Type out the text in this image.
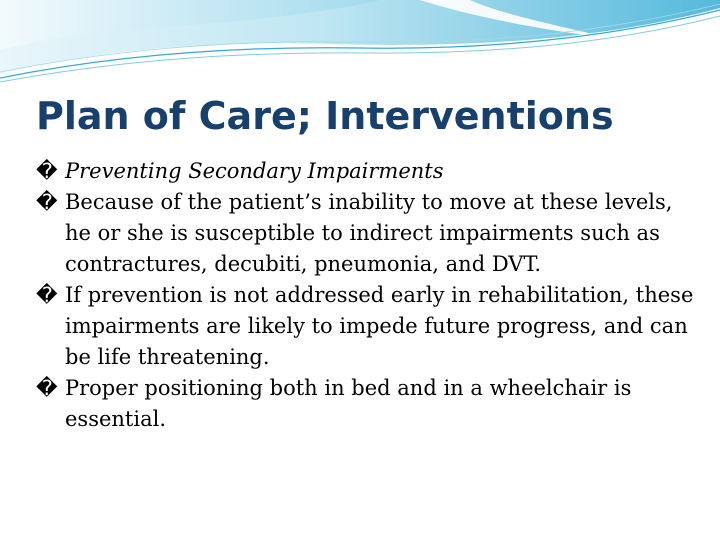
Plan of Care; Interventions
� Preventing Secondary Impairments
� Because of the patient’s inability to move at these levels, he or she is susceptible to indirect impairments such as contractures, decubiti, pneumonia, and DVT.
� If prevention is not addressed early in rehabilitation, these impairments are likely to impede future progress, and can be life threatening.
� Proper positioning both in bed and in a wheelchair is essential.
